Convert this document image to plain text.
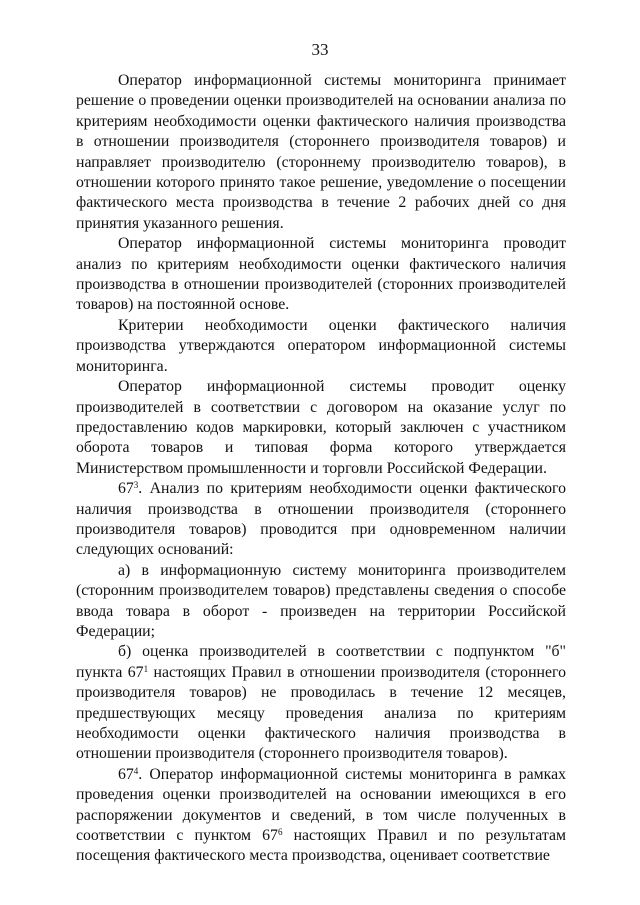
33

Оператор информационной системы мониторинга принимает решение о проведении оценки производителей на основании анализа по критериям необходимости оценки фактического наличия производства в отношении производителя (стороннего производителя товаров) и направляет производителю (стороннему производителю товаров), в отношении которого принято такое решение, уведомление о посещении фактического места производства в течение 2 рабочих дней со дня принятия указанного решения.

Оператор информационной системы мониторинга проводит анализ по критериям необходимости оценки фактического наличия производства в отношении производителей (сторонних производителей товаров) на постоянной основе.

Критерии необходимости оценки фактического наличия производства утверждаются оператором информационной системы мониторинга.

Оператор информационной системы проводит оценку производителей в соответствии с договором на оказание услуг по предоставлению кодов маркировки, который заключен с участником оборота товаров и типовая форма которого утверждается Министерством промышленности и торговли Российской Федерации.

$67^3$. Анализ по критериям необходимости оценки фактического наличия производства в отношении производителя (стороннего производителя товаров) проводится при одновременном наличии следующих оснований:

а) в информационную систему мониторинга производителем (сторонним производителем товаров) представлены сведения о способе ввода товара в оборот - произведен на территории Российской Федерации;

б) оценка производителей в соответствии с подпунктом "б" пункта $67^1$ настоящих Правил в отношении производителя (стороннего производителя товаров) не проводилась в течение 12 месяцев, предшествующих месяцу проведения анализа по критериям необходимости оценки фактического наличия производства в отношении производителя (стороннего производителя товаров).

$67^4$. Оператор информационной системы мониторинга в рамках проведения оценки производителей на основании имеющихся в его распоряжении документов и сведений, в том числе полученных в соответствии с пунктом $67^6$ настоящих Правил и по результатам посещения фактического места производства, оценивает соответствие
